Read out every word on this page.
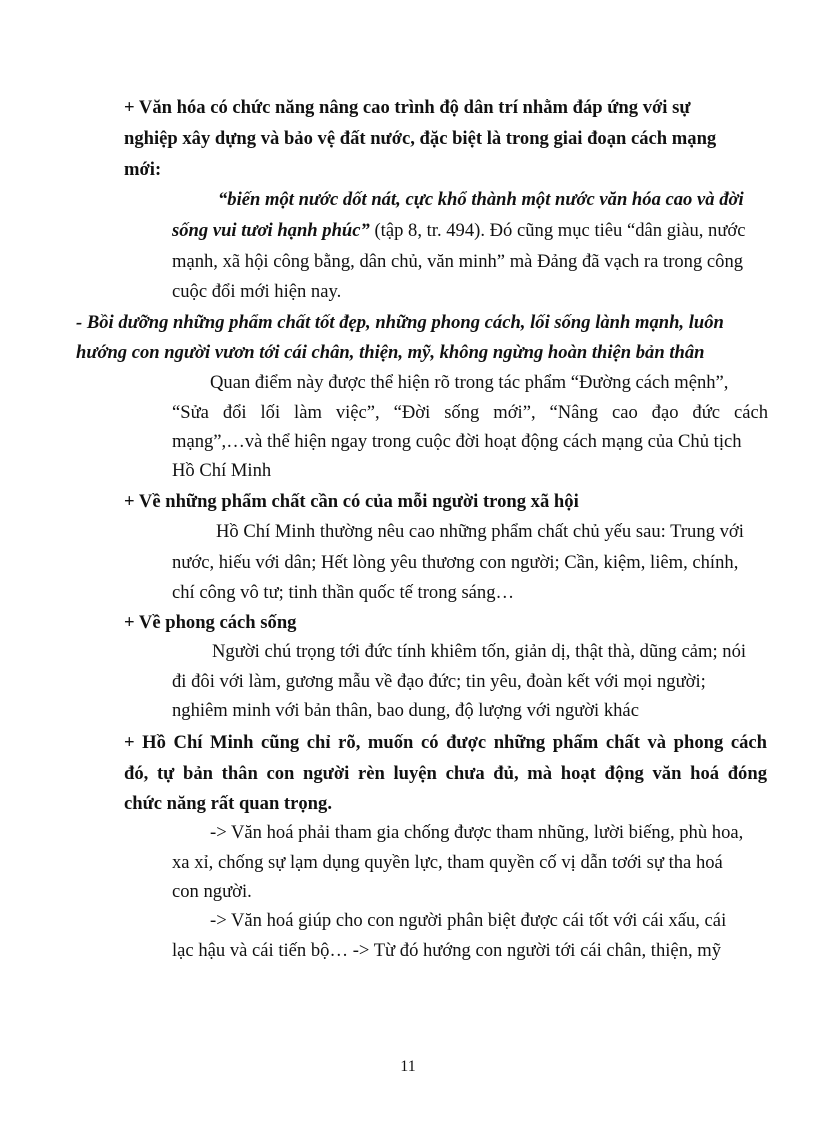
+ Văn hóa có chức năng nâng cao trình độ dân trí nhằm đáp ứng với sự

nghiệp xây dựng và bảo vệ đất nước, đặc biệt là trong giai đoạn cách mạng

mới:

“biến một nước dốt nát, cực khổ thành một nước văn hóa cao và đời

sống vui tươi hạnh phúc” (tập 8, tr. 494). Đó cũng mục tiêu “dân giàu, nước

mạnh, xã hội công bằng, dân chủ, văn minh” mà Đảng đã vạch ra trong công

cuộc đổi mới hiện nay.

- Bồi dưỡng những phẩm chất tốt đẹp, những phong cách, lối sống lành mạnh, luôn

hướng con người vươn tới cái chân, thiện, mỹ, không ngừng hoàn thiện bản thân

Quan điểm này được thể hiện rõ trong tác phẩm “Đường cách mệnh”,

“Sửa đổi lối làm việc”, “Đời sống mới”, “Nâng cao đạo đức cách

mạng”,…và thể hiện ngay trong cuộc đời hoạt động cách mạng của Chủ tịch

Hồ Chí Minh

+ Về những phẩm chất cần có của mỗi người trong xã hội

Hồ Chí Minh thường nêu cao những phẩm chất chủ yếu sau: Trung với

nước, hiếu với dân; Hết lòng yêu thương con người; Cần, kiệm, liêm, chính,

chí công vô tư; tinh thần quốc tế trong sáng…

+ Về phong cách sống

Người chú trọng tới đức tính khiêm tốn, giản dị, thật thà, dũng cảm; nói

đi đôi với làm, gương mẫu về đạo đức; tin yêu, đoàn kết với mọi người;

nghiêm minh với bản thân, bao dung, độ lượng với người khác

+ Hồ Chí Minh cũng chỉ rõ, muốn có được những phẩm chất và phong cách

đó, tự bản thân con người rèn luyện chưa đủ, mà hoạt động văn hoá đóng

chức năng rất quan trọng.

-> Văn hoá phải tham gia chống được tham nhũng, lười biếng, phù hoa,

xa xỉ, chống sự lạm dụng quyền lực, tham quyền cố vị dẫn tơới sự tha hoá

con người.

-> Văn hoá giúp cho con người phân biệt được cái tốt với cái xấu, cái

lạc hậu và cái tiến bộ… -> Từ đó hướng con người tới cái chân, thiện, mỹ

11
